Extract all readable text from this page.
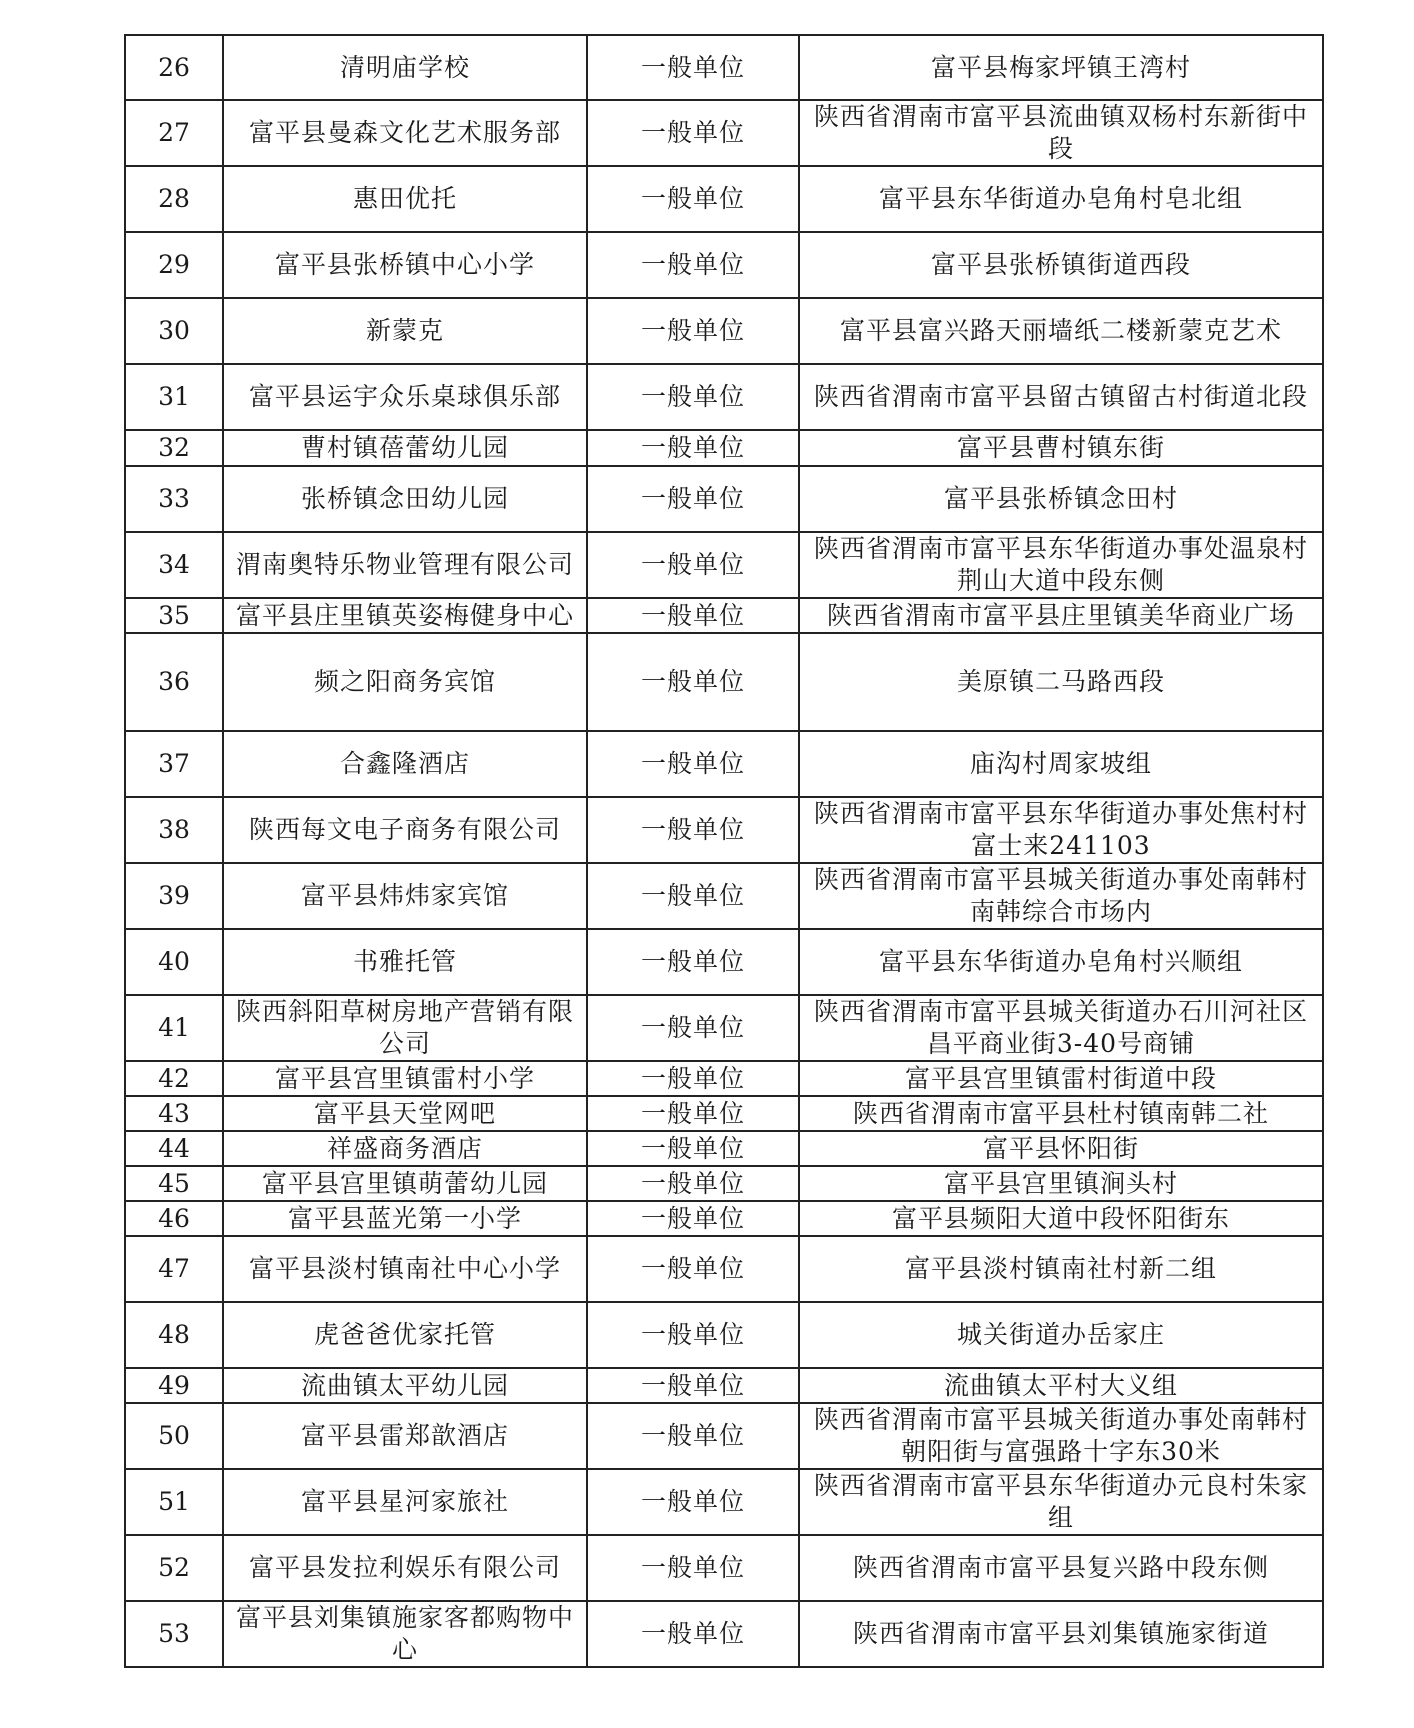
26	清明庙学校	一般单位	富平县梅家坪镇王湾村
27	富平县曼森文化艺术服务部	一般单位	陕西省渭南市富平县流曲镇双杨村东新街中段
28	惠田优托	一般单位	富平县东华街道办皂角村皂北组
29	富平县张桥镇中心小学	一般单位	富平县张桥镇街道西段
30	新蒙克	一般单位	富平县富兴路天丽墙纸二楼新蒙克艺术
31	富平县运宇众乐桌球俱乐部	一般单位	陕西省渭南市富平县留古镇留古村街道北段
32	曹村镇蓓蕾幼儿园	一般单位	富平县曹村镇东街
33	张桥镇念田幼儿园	一般单位	富平县张桥镇念田村
34	渭南奥特乐物业管理有限公司	一般单位	陕西省渭南市富平县东华街道办事处温泉村荆山大道中段东侧
35	富平县庄里镇英姿梅健身中心	一般单位	陕西省渭南市富平县庄里镇美华商业广场
36	频之阳商务宾馆	一般单位	美原镇二马路西段
37	合鑫隆酒店	一般单位	庙沟村周家坡组
38	陕西每文电子商务有限公司	一般单位	陕西省渭南市富平县东华街道办事处焦村村富士来241103
39	富平县炜炜家宾馆	一般单位	陕西省渭南市富平县城关街道办事处南韩村南韩综合市场内
40	书雅托管	一般单位	富平县东华街道办皂角村兴顺组
41	陕西斜阳草树房地产营销有限公司	一般单位	陕西省渭南市富平县城关街道办石川河社区昌平商业街3-40号商铺
42	富平县宫里镇雷村小学	一般单位	富平县宫里镇雷村街道中段
43	富平县天堂网吧	一般单位	陕西省渭南市富平县杜村镇南韩二社
44	祥盛商务酒店	一般单位	富平县怀阳街
45	富平县宫里镇萌蕾幼儿园	一般单位	富平县宫里镇涧头村
46	富平县蓝光第一小学	一般单位	富平县频阳大道中段怀阳街东
47	富平县淡村镇南社中心小学	一般单位	富平县淡村镇南社村新二组
48	虎爸爸优家托管	一般单位	城关街道办岳家庄
49	流曲镇太平幼儿园	一般单位	流曲镇太平村大义组
50	富平县雷郑歆酒店	一般单位	陕西省渭南市富平县城关街道办事处南韩村朝阳街与富强路十字东30米
51	富平县星河家旅社	一般单位	陕西省渭南市富平县东华街道办元良村朱家组
52	富平县发拉利娱乐有限公司	一般单位	陕西省渭南市富平县复兴路中段东侧
53	富平县刘集镇施家客都购物中心	一般单位	陕西省渭南市富平县刘集镇施家街道
